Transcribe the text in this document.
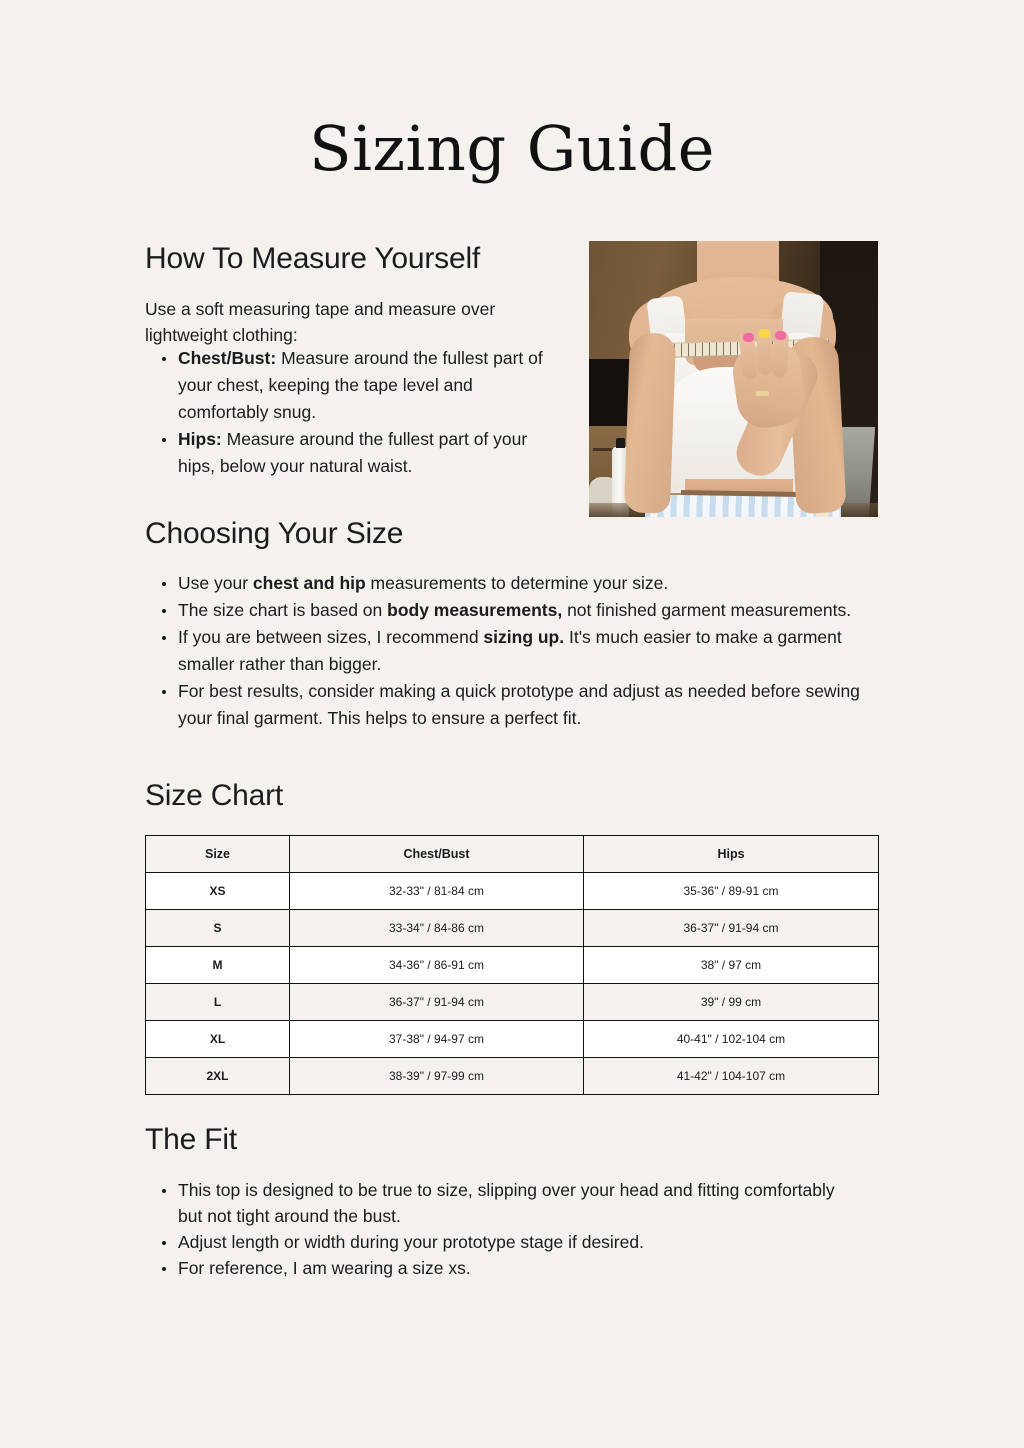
Sizing Guide
How To Measure Yourself

Use a soft measuring tape and measure over lightweight clothing:

Chest/Bust: Measure around the fullest part of your chest, keeping the tape level and comfortably snug.
Hips: Measure around the fullest part of your hips, below your natural waist.
Choosing Your Size
Use your chest and hip measurements to determine your size.
The size chart is based on body measurements, not finished garment measurements.
If you are between sizes, I recommend sizing up. It's much easier to make a garment smaller rather than bigger.
For best results, consider making a quick prototype and adjust as needed before sewing your final garment. This helps to ensure a perfect fit.
Size Chart
Size	Chest/Bust	Hips
XS	32-33" / 81-84 cm	35-36" / 89-91 cm
S	33-34" / 84-86 cm	36-37" / 91-94 cm
M	34-36" / 86-91 cm	38" / 97 cm
L	36-37" / 91-94 cm	39" / 99 cm
XL	37-38" / 94-97 cm	40-41" / 102-104 cm
2XL	38-39" / 97-99 cm	41-42" / 104-107 cm
The Fit
This top is designed to be true to size, slipping over your head and fitting comfortably but not tight around the bust.
Adjust length or width during your prototype stage if desired.
For reference, I am wearing a size xs.
